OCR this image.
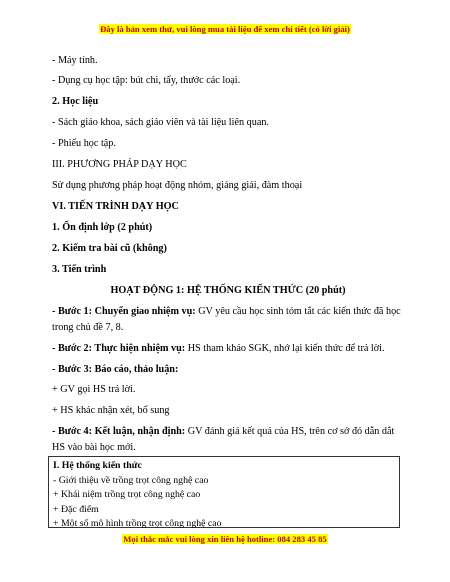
Đây là bản xem thử, vui lòng mua tài liệu để xem chi tiết (có lời giải)
- Máy tính.
- Dụng cụ học tập: bút chì, tẩy, thước các loại.
2. Học liệu
- Sách giáo khoa, sách giáo viên và tài liệu liên quan.
- Phiếu học tập.
III. PHƯƠNG PHÁP DẠY HỌC
Sử dụng phương pháp hoạt động nhóm, giảng giải, đàm thoại
VI. TIẾN TRÌNH DẠY HỌC
1. Ổn định lớp (2 phút)
2. Kiểm tra bài cũ (không)
3. Tiến trình
HOẠT ĐỘNG 1: HỆ THỐNG KIẾN THỨC (20 phút)
- Bước 1: Chuyển giao nhiệm vụ: GV yêu cầu học sinh tóm tắt các kiến thức đã học trong chủ đề 7, 8.
- Bước 2: Thực hiện nhiệm vụ: HS tham khảo SGK, nhớ lại kiến thức để trả lời.
- Bước 3: Báo cáo, thảo luận:
+ GV gọi HS trả lời.
+ HS khác nhận xét, bổ sung
- Bước 4: Kết luận, nhận định: GV đánh giá kết quả của HS, trên cơ sở đó dẫn dắt HS vào bài học mới.
I. Hệ thống kiến thức
- Giới thiệu về trồng trọt công nghệ cao
+ Khái niệm trồng trọt công nghệ cao
+ Đặc điểm
+ Một số mô hình trồng trọt công nghệ cao
Mọi thắc mắc vui lòng xin liên hệ hotline: 084 283 45 85
